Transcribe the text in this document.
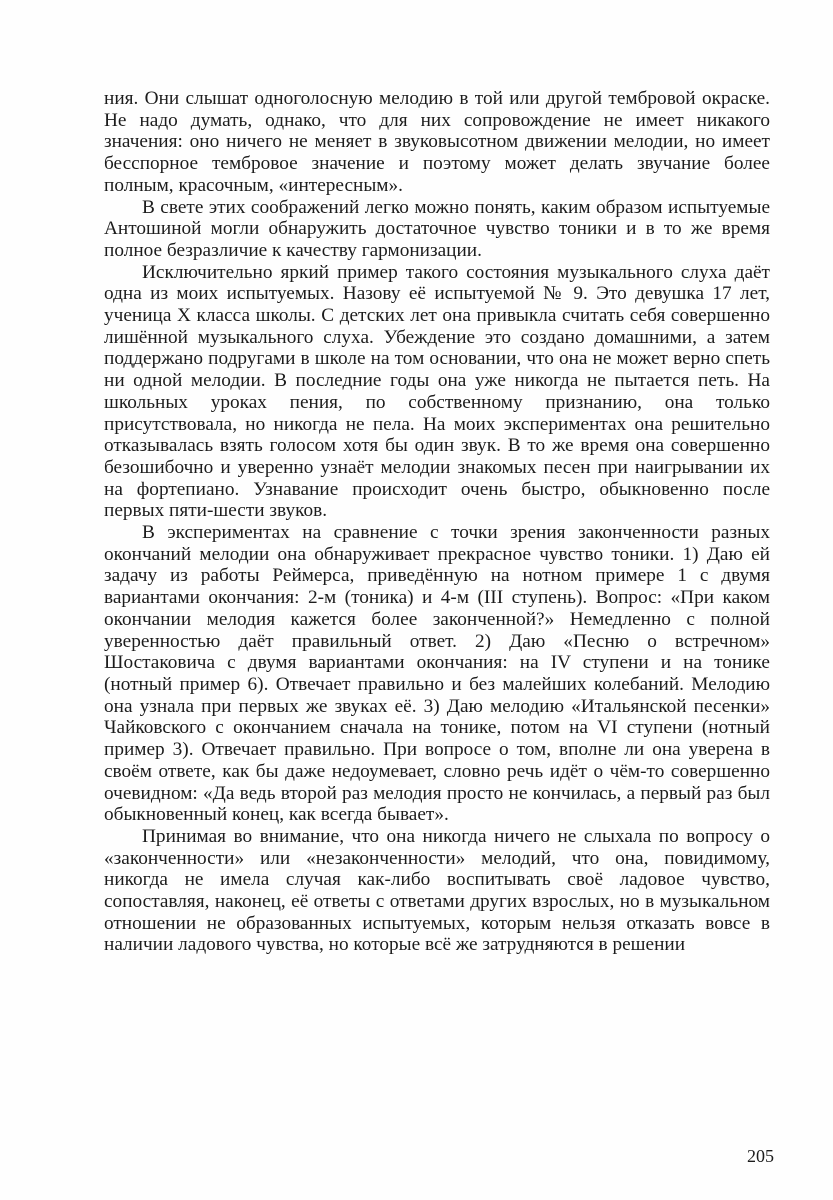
ния. Они слышат одноголосную мелодию в той или другой тембровой окраске. Не надо думать, однако, что для них сопровождение не имеет никакого значения: оно ничего не меняет в звуковысотном движении мелодии, но имеет бесспорное тембровое значение и поэтому может делать звучание более полным, красочным, «интересным».

В свете этих соображений легко можно понять, каким образом испытуемые Антошиной могли обнаружить достаточное чувство тоники и в то же время полное безразличие к качеству гармонизации.

Исключительно яркий пример такого состояния музыкального слуха даёт одна из моих испытуемых. Назову её испытуемой № 9. Это девушка 17 лет, ученица X класса школы. С детских лет она привыкла считать себя совершенно лишённой музыкального слуха. Убеждение это создано домашними, а затем поддержано подругами в школе на том основании, что она не может верно спеть ни одной мелодии. В последние годы она уже никогда не пытается петь. На школьных уроках пения, по собственному признанию, она только присутствовала, но никогда не пела. На моих экспериментах она решительно отказывалась взять голосом хотя бы один звук. В то же время она совершенно безошибочно и уверенно узнаёт мелодии знакомых песен при наигрывании их на фортепиано. Узнавание происходит очень быстро, обыкновенно после первых пяти-шести звуков.

В экспериментах на сравнение с точки зрения законченности разных окончаний мелодии она обнаруживает прекрасное чувство тоники. 1) Даю ей задачу из работы Реймерса, приведённую на нотном примере 1 с двумя вариантами окончания: 2-м (тоника) и 4-м (III ступень). Вопрос: «При каком окончании мелодия кажется более законченной?» Немедленно с полной уверенностью даёт правильный ответ. 2) Даю «Песню о встречном» Шостаковича с двумя вариантами окончания: на IV ступени и на тонике (нотный пример 6). Отвечает правильно и без малейших колебаний. Мелодию она узнала при первых же звуках её. 3) Даю мелодию «Итальянской песенки» Чайковского с окончанием сначала на тонике, потом на VI ступени (нотный пример 3). Отвечает правильно. При вопросе о том, вполне ли она уверена в своём ответе, как бы даже недоумевает, словно речь идёт о чём-то совершенно очевидном: «Да ведь второй раз мелодия просто не кончилась, а первый раз был обыкновенный конец, как всегда бывает».

Принимая во внимание, что она никогда ничего не слыхала по вопросу о «законченности» или «незаконченности» мелодий, что она, повидимому, никогда не имела случая как-либо воспитывать своё ладовое чувство, сопоставляя, наконец, её ответы с ответами других взрослых, но в музыкальном отношении не образованных испытуемых, которым нельзя отказать вовсе в наличии ладового чувства, но которые всё же затрудняются в решении

205
